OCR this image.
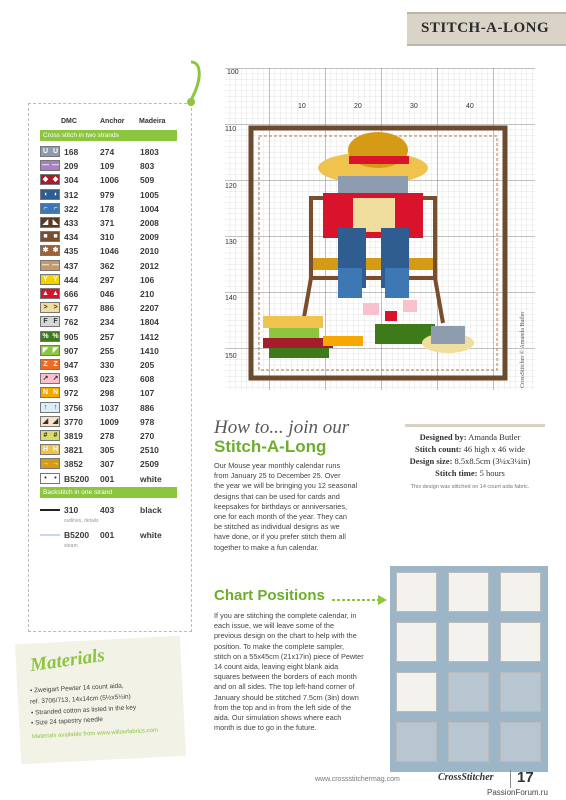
STITCH-A-LONG
DMC	Anchor Madeira
Cross stitch in two strands
U U 168	274	1803
— — 209	109	803
◆ ◆ 304	1006 509
◖ ◗ 312	979	1005
⌐ ⌐ 322	178	1004
◢ ◣ 433	371	2008
■ ■ 434	310	2009
✱ ✱ 435	1046 2010
— — 437	362	2012
Y Y 444	297	106
▲ ▲ 666	046	210
> > 677	886	2207
F F 762	234	1804
% % 905	257	1412
◤ ◤ 907	255	1410
Z Z 947	330	205
↗ ↗ 963	023	608
N N 972	298	107
↑ ↑ 3756 1037 886
◢ ◢ 3770 1009 978
# # 3819 278	270
H H 3821 305	2510
→ → 3852 307	2509
•	• B5200 001	white
Backstitch in one strand
310	403	black
outlines, details
B5200 001	white
steam
100
10	20	30	40
110
120
130
140
150	CrossStitcher © Amanda Butler
How to... join our
Stitch-A-Long
Our Mouse year monthly calendar runs
from January 25 to December 25. Over
the year we will be bringing you 12 seasonal
designs that can be used for cards and
keepsakes for birthdays or anniversaries,
one for each month of the year. They can
be stitched as individual designs as we
have done, or if you prefer stitch them all
together to make a fun calendar.
Designed by: Amanda Butler
Stitch count: 46 high x 46 wide
Design size: 8.5x8.5cm (3¼x3¼in)
Stitch time: 5 hours
This design was stitched on 14 count aida fabric.
Chart Positions
If you are stitching the complete calendar, in
each issue, we will leave some of the
previous design on the chart to help with the
position. To make the complete sampler,
stitch on a 55x45cm (21x17in) piece of Pewter
14 count aida, leaving eight blank aida
squares between the borders of each month
and on all sides. The top left-hand corner of
January should be stitched 7.5cm (3in) down
from the top and in from the left side of the
aida. Our simulation shows where each
month is due to go in the future.
Materials
• Zweigart Pewter 14 count aida,
ref. 3706/713, 14x14cm (5½x5½in)
• Stranded cotton as listed in the key
• Size 24 tapestry needle
Materials available from www.willowfabrics.com
www.crossstitchermag.com	CrossStitcher 17
PassionForum.ru
